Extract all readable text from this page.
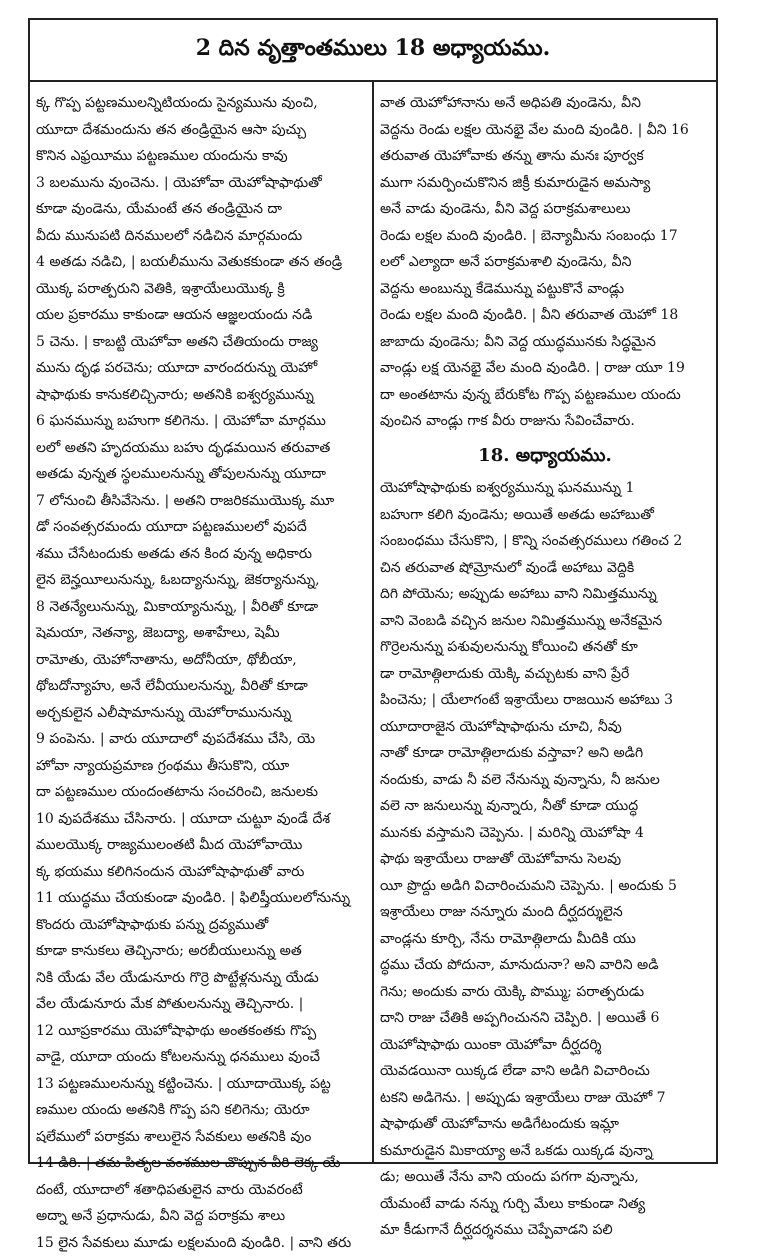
2 దిన వృత్తాంతములు 18 అధ్యాయము.
క్క గొప్ప పట్టణములన్నిటియందు సైన్యమును వుంచి,
యూదా దేశమందును తన తండ్రియైన ఆసా పుచ్చు
కొనిన ఎఫ్రయీము పట్టణముల యందును కావు
3 బలమును వుంచెను. | యెహోవా యెహోషాఫాథుతో
కూడా వుండెను, యేమంటే తన తండ్రియైన దా
వీదు మునుపటి దినములలో నడిచిన మార్గమందు
4 అతడు నడిచి, | బయలీమును వెతుకకుండా తన తండ్రి
యొక్క పరాత్పరుని వెతికి, ఇశ్రాయేలుయొక్క క్రి
యల ప్రకారము కాకుండా ఆయన ఆజ్ఞలయందు నడి
5 చెను. | కాబట్టి యెహోవా అతని చేతియందు రాజ్య
మును దృఢ పరచెను; యూదా వారందరున్ను యెహో
షాఫాథుకు కానుకలిచ్చినారు; అతనికి ఐశ్వర్యమున్ను
6 ఘనమున్ను బహుగా కలిగెను. | యెహోవా మార్గము
లలో అతని హృదయము బహు దృఢమయిన తరువాత
అతడు వున్నత స్థలములనున్ను తోపులనున్ను యూదా
7 లోనుంచి తీసివేసెను. | అతని రాజరికముయొక్క మూ
డో సంవత్సరమందు యూదా పట్టణములలో వుపదే
శము చేసేటందుకు అతడు తన కింద వున్న అధికారు
లైన బెన్హయీలునున్ను, ఓబద్యానున్ను, జెకర్యానున్ను,
8 నెతన్యేలునున్ను, మికాయ్యానున్ను, | వీరితో కూడా
షెమయా, నెతన్యా, జెబద్యా, అశాహేలు, షెమీ
రామోతు, యెహోనాతాను, అదోనీయా, థోబీయా,
థోబదోన్యాహు, అనే లేవీయులనున్ను, వీరితో కూడా
అర్చకులైన ఎలీషామానున్ను యెహోరామునున్ను
9 పంపెను. | వారు యూదాలో వుపదేశము చేసి, యె
హోవా న్యాయప్రమాణ గ్రంథము తీసుకొని, యూ
దా పట్టణముల యందంతటాను సంచరించి, జనులకు
10 వుపదేశము చేసినారు. | యూదా చుట్టూ వుండే దేశ
ములయొక్క రాజ్యములంతటి మీద యెహోవాయొ
క్క భయము కలిగినందున యెహోషాఫాథుతో వారు
11 యుద్ధము చేయకుండా వుండిరి. | ఫిలిష్తీయులలోనున్ను
కొందరు యెహోషాఫాథుకు పన్ను ద్రవ్యముతో
కూడా కానుకలు తెచ్చినారు; అరబీయులున్ను అత
నికి యేడు వేల యేడునూరు గొర్రె పొట్టేళ్లనున్ను యేడు
వేల యేడునూరు మేక పోతులనున్ను తెచ్చినారు. |
12 యీప్రకారము యెహోషాఫాథు అంతకంతకు గొప్ప
వాడై, యూదా యందు కోటలనున్ను ధనములు వుంచే
13 పట్టణములనున్ను కట్టించెను. | యూదాయొక్క పట్ట
ణముల యందు అతనికి గొప్ప పని కలిగెను; యెరూ
షలేములో పరాక్రమ శాలులైన సేవకులు అతనికి వుం
14 డిరి. | తమ పితృల వంశముల చొప్పున వీరి లెక్క యే
దంటే, యూదాలో శతాధిపతులైన వారు యెవరంటే
అద్నా అనే ప్రధానుడు, వీని వెద్ద పరాక్రమ శాలు
15 లైన సేవకులు మూడు లక్షలమంది వుండిరి. | వాని తరు
వాత యెహోహానాను అనే అధిపతి వుండెను, వీని
వెద్దను రెండు లక్షల యెనభై వేల మంది వుండిరి. | వీని 16
తరువాత యెహోవాకు తన్ను తాను మనః పూర్వక
ముగా సమర్పించుకొనిన జిక్రీ కుమారుడైన అమస్యా
అనే వాడు వుండెను, వీని వెద్ద పరాక్రమశాలులు
రెండు లక్షల మంది వుండిరి. | బెన్యామీను సంబంధు 17
లలో ఎల్యాదా అనే పరాక్రమశాలి వుండెను, వీని
వెద్దను అంబున్ను కేడెమున్ను పట్టుకొనే వాండ్లు
రెండు లక్షల మంది వుండిరి. | వీని తరువాత యెహో 18
జాబాదు వుండెను; వీని వెద్ద యుద్ధమునకు సిద్ధమైన
వాండ్లు లక్ష యెనభై వేల మంది వుండిరి. | రాజు యూ 19
దా అంతటాను వున్న బేరుకోట గొప్ప పట్టణముల యందు
వుంచిన వాండ్లు గాక వీరు రాజును సేవించేవారు.
18. అధ్యాయము.
యెహోషాఫాథుకు ఐశ్వర్యమున్ను ఘనమున్ను 1
బహుగా కలిగి వుండెను; అయితే అతడు అహాబుతో
సంబంధము చేసుకొని, | కొన్ని సంవత్సరములు గతించ 2
చిన తరువాత షోమ్రోనులో వుండే అహాబు వెద్దికి
దిగి పోయెను; అప్పుడు అహాబు వాని నిమిత్తమున్ను
వాని వెంబడి వచ్చిన జనుల నిమిత్తమున్ను అనేకమైన
గొర్రెలనున్ను పశువులనున్ను కోయించి తనతో కూ
డా రామోత్గిలాదుకు యెక్కి వచ్చుటకు వాని ప్రేరే
పించెను; | యేలాగంటే ఇశ్రాయేలు రాజయిన అహాబు 3
యూదారాజైన యెహోషాఫాథును చూచి, నీవు
నాతో కూడా రామోత్గిలాదుకు వస్తావా? అని అడిగి
నందుకు, వాడు నీ వలె నేనున్ను వున్నాను, నీ జనుల
వలె నా జనులున్ను వున్నారు, నీతో కూడా యుద్ధ
మునకు వస్తామని చెప్పెను. | మరిన్ని యెహోషా 4
ఫాథు ఇశ్రాయేలు రాజుతో యెహోవాను సెలవు
యీ ప్రొద్దు అడిగి విచారించుమని చెప్పెను. | అందుకు 5
ఇశ్రాయేలు రాజు నన్నూరు మంది దీర్ఘదర్శులైన
వాండ్లను కూర్చి, నేను రామోత్గిలాదు మీదికి యు
ద్ధము చేయ పోదునా, మానుదునా? అని వారిని అడి
గెను; అందుకు వారు యెక్కి పొమ్ము; పరాత్పరుడు
దాని రాజు చేతికి అప్పగించునని చెప్పిరి. | అయితే 6
యెహోషాఫాథు యింకా యెహోవా దీర్ఘదర్శి
యెవడయినా యిక్కడ లేడా వాని అడిగి విచారించు
టకని అడిగెను. | అప్పుడు ఇశ్రాయేలు రాజు యెహో 7
షాఫాథుతో యెహోవాను అడిగేటందుకు ఇమ్లా
కుమారుడైన మికాయ్యా అనే ఒకడు యిక్కడ వున్నా
డు; అయితే నేను వాని యందు పగగా వున్నాను,
యేమంటే వాడు నన్ను గుర్చి మేలు కాకుండా నిత్య
మా కీడుగానే దీర్ఘదర్శనము చెప్పేవాడని పలి
